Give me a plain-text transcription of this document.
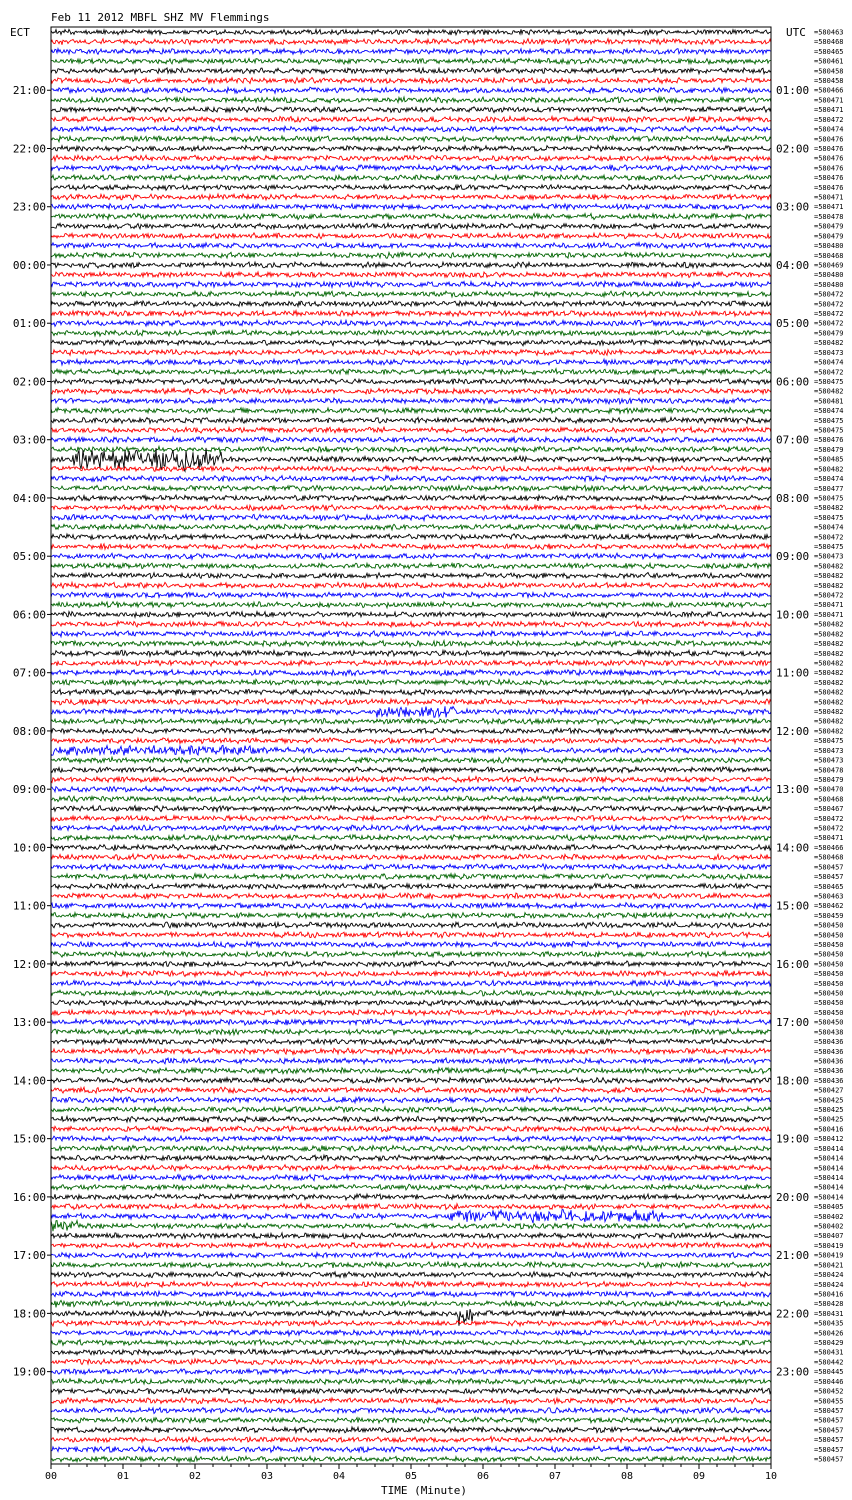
00	01	02	03	04	05	06	07	08	09	10
21:00
22:00
23:00
00:00
01:00
02:00
03:00
04:00
05:00
06:00
07:00
08:00
09:00
10:00
11:00
12:00
13:00
14:00
15:00
16:00
17:00
18:00
19:00
01:00
02:00
03:00
04:00
05:00
06:00
07:00
08:00
09:00
10:00
11:00
12:00
13:00
14:00
15:00
16:00
17:00
18:00
19:00
20:00
21:00
22:00
23:00
=580463
=580468
=580465
=580461
=580458
=580458
=580466
=580471
=580471
=580472
=580474
=580476
=580476
=580476
=580476
=580476
=580476
=580471
=580471
=580478
=580479
=580479
=580480
=580468
=580469
=580480
=580480
=580472
=580472
=580472
=580472
=580479
=580482
=580473
=580474
=580472
=580475
=580482
=580481
=580474
=580475
=580475
=580476
=580479
=580485
=580482
=580474
=580477
=580475
=580482
=580475
=580474
=580472
=580475
=580473
=580482
=580482
=580482
=580472
=580471
=580471
=580482
=580482
=580482
=580482
=580482
=580482
=580482
=580482
=580482
=580482
=580482
=580482
=580475
=580473
=580473
=580478
=580479
=580470
=580468
=580467
=580472
=580472
=580471
=580466
=580468
=580457
=580457
=580465
=580463
=580462
=580459
=580450
=580450
=580450
=580450
=580450
=580450
=580450
=580450
=580450
=580450
=580450
=580438
=580436
=580436
=580436
=580436
=580436
=580427
=580425
=580425
=580425
=580416
=580412
=580414
=580414
=580414
=580414
=580414
=580414
=580405
=580402
=580402
=580407
=580419
=580419
=580421
=580424
=580424
=580416
=580428
=580431
=580435
=580426
=580429
=580431
=580442
=580445
=580446
=580452
=580455
=580457
=580457
=580457
=580457
=580457
=580457
Feb 11 2012 MBFL SHZ MV Flemmings
ECT	UTC
TIME (Minute)
